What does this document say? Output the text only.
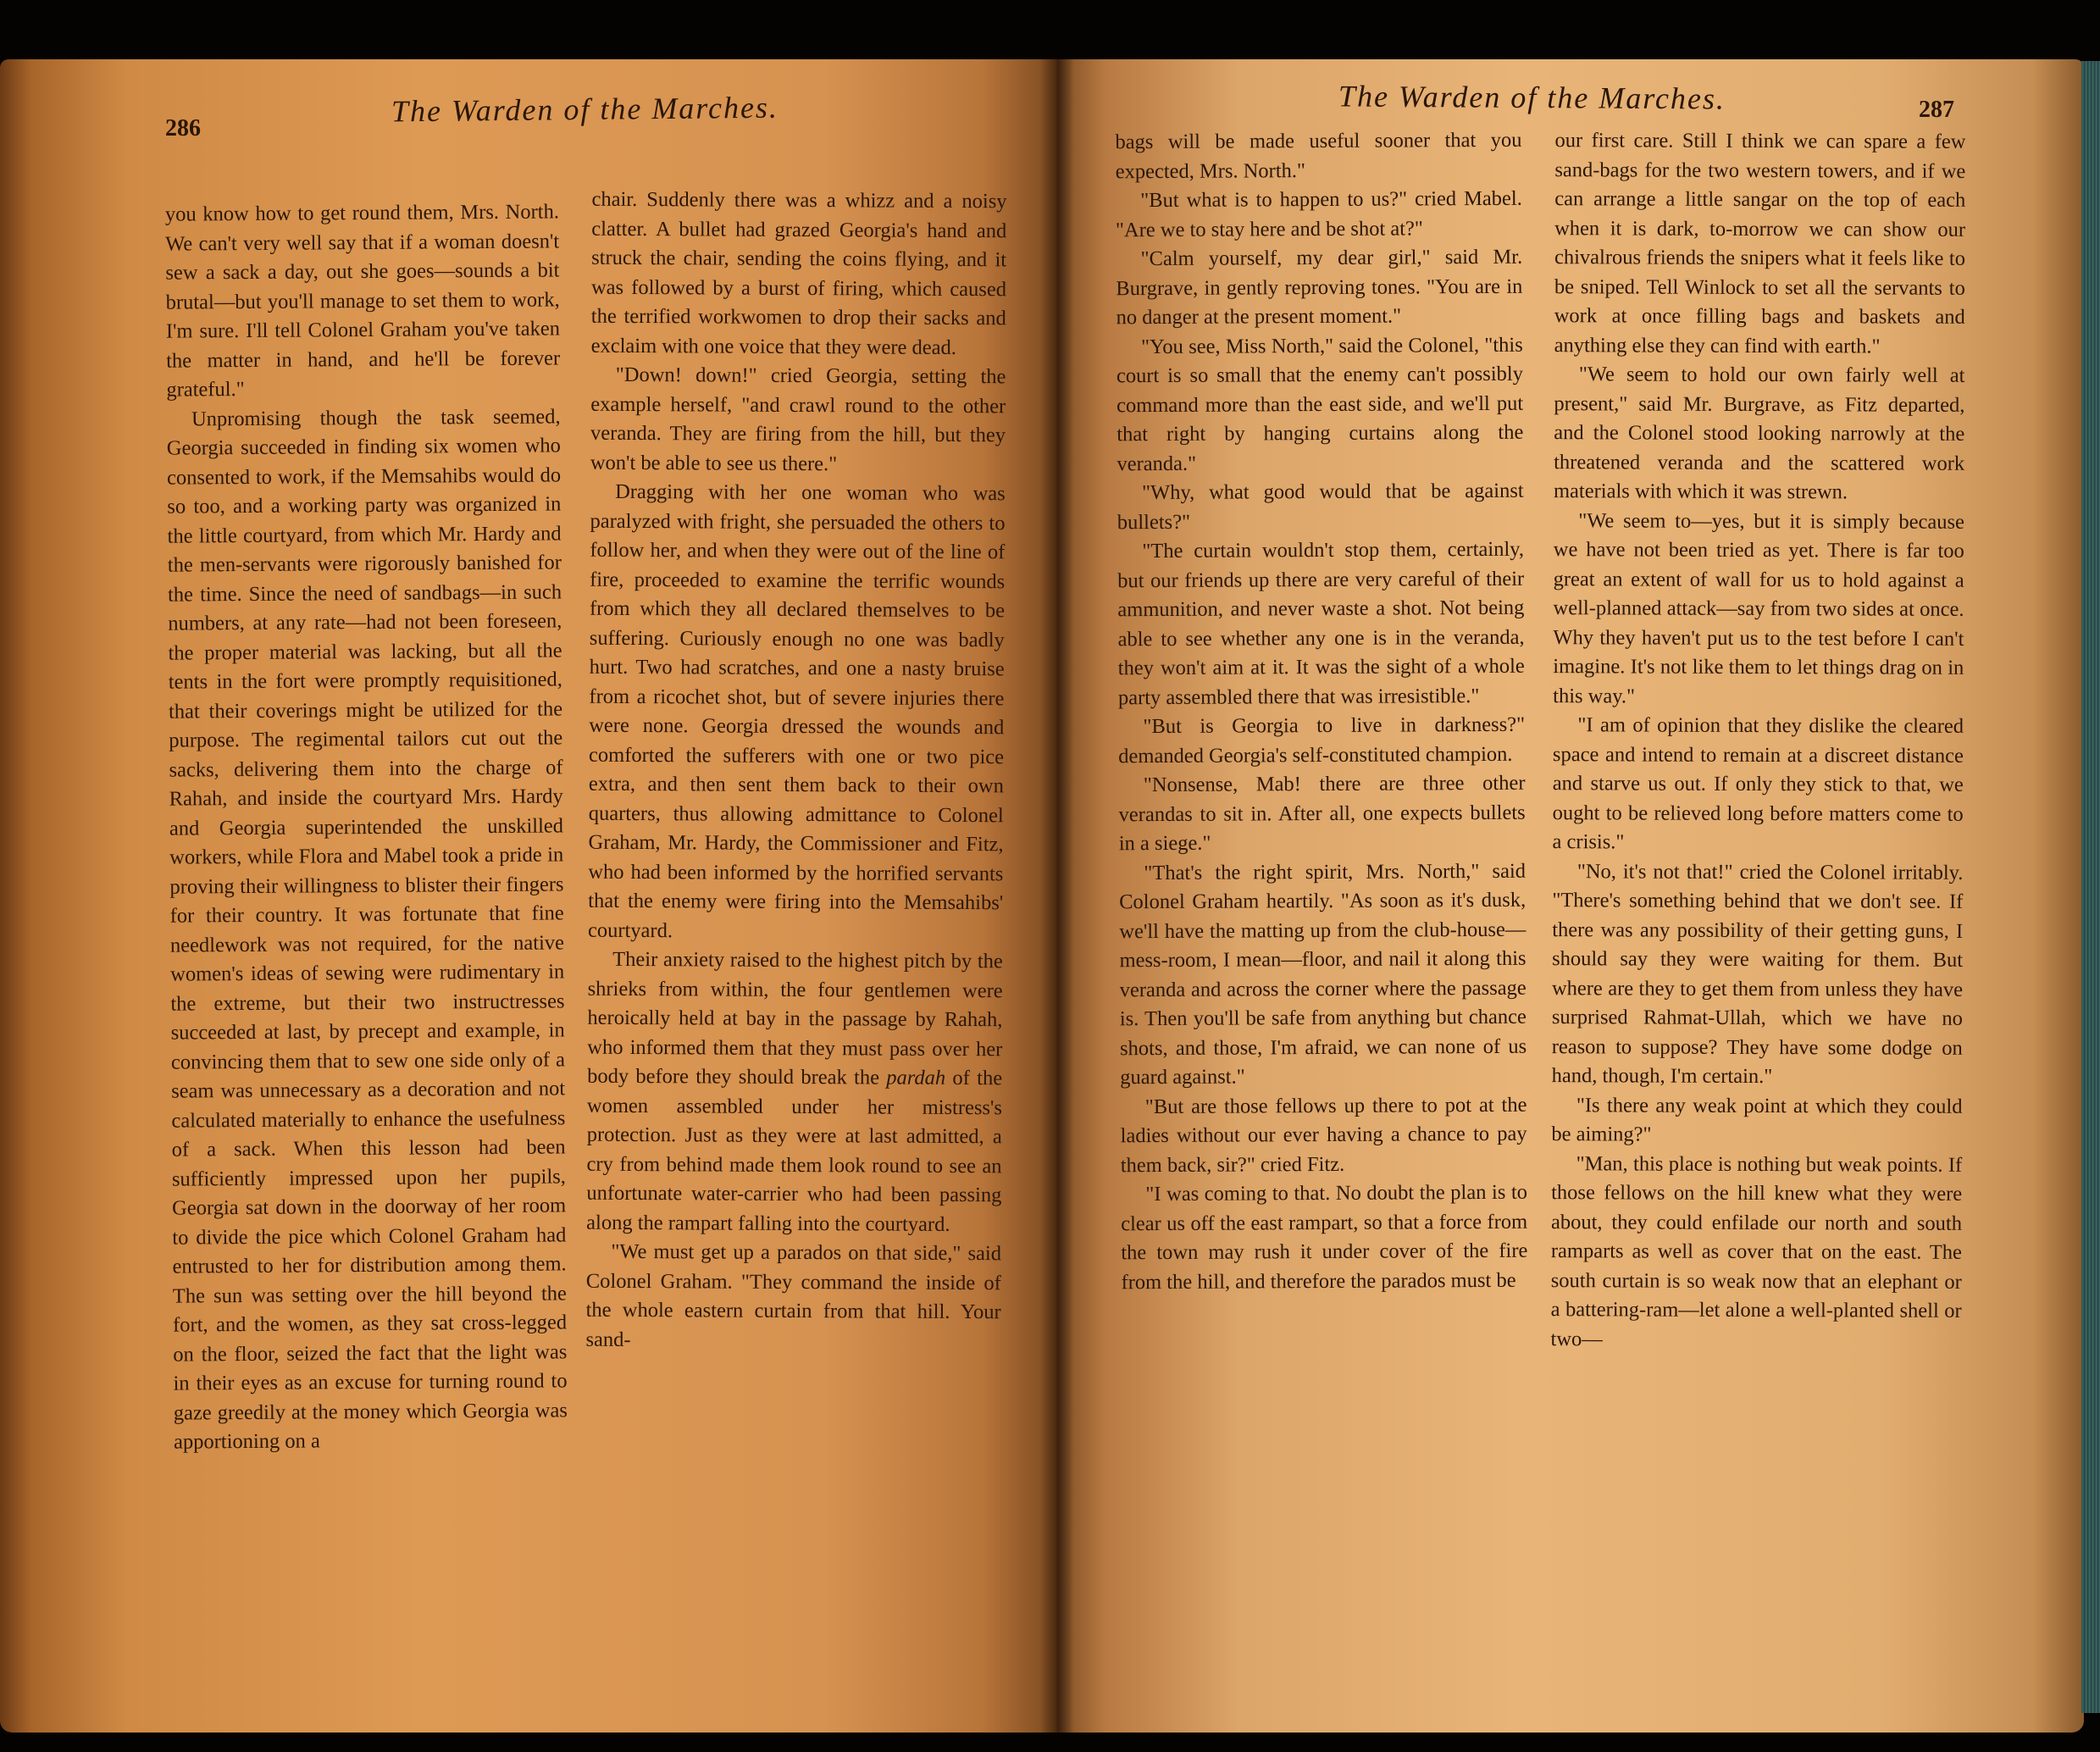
286
The Warden of the Marches.

you know how to get round them, Mrs. North. We can't very well say that if a woman doesn't sew a sack a day, out she goes—sounds a bit brutal—but you'll manage to set them to work, I'm sure. I'll tell Colonel Graham you've taken the matter in hand, and he'll be forever grateful."

Unpromising though the task seemed, Georgia succeeded in finding six women who consented to work, if the Memsahibs would do so too, and a working party was organized in the little courtyard, from which Mr. Hardy and the men-servants were rigorously banished for the time. Since the need of sandbags—in such numbers, at any rate—had not been foreseen, the proper material was lacking, but all the tents in the fort were promptly requisitioned, that their coverings might be utilized for the purpose. The regimental tailors cut out the sacks, delivering them into the charge of Rahah, and inside the courtyard Mrs. Hardy and Georgia superintended the unskilled workers, while Flora and Mabel took a pride in proving their willingness to blister their fingers for their country. It was fortunate that fine needlework was not required, for the native women's ideas of sewing were rudimentary in the extreme, but their two instructresses succeeded at last, by precept and example, in convincing them that to sew one side only of a seam was unnecessary as a decoration and not calculated materially to enhance the usefulness of a sack. When this lesson had been sufficiently impressed upon her pupils, Georgia sat down in the doorway of her room to divide the pice which Colonel Graham had entrusted to her for distribution among them. The sun was setting over the hill beyond the fort, and the women, as they sat cross-legged on the floor, seized the fact that the light was in their eyes as an excuse for turning round to gaze greedily at the money which Georgia was apportioning on a

chair. Suddenly there was a whizz and a noisy clatter. A bullet had grazed Georgia's hand and struck the chair, sending the coins flying, and it was followed by a burst of firing, which caused the terrified workwomen to drop their sacks and exclaim with one voice that they were dead.

"Down! down!" cried Georgia, setting the example herself, "and crawl round to the other veranda. They are firing from the hill, but they won't be able to see us there."

Dragging with her one woman who was paralyzed with fright, she persuaded the others to follow her, and when they were out of the line of fire, proceeded to examine the terrific wounds from which they all declared themselves to be suffering. Curiously enough no one was badly hurt. Two had scratches, and one a nasty bruise from a ricochet shot, but of severe injuries there were none. Georgia dressed the wounds and comforted the sufferers with one or two pice extra, and then sent them back to their own quarters, thus allowing admittance to Colonel Graham, Mr. Hardy, the Commissioner and Fitz, who had been informed by the horrified servants that the enemy were firing into the Memsahibs' courtyard.

Their anxiety raised to the highest pitch by the shrieks from within, the four gentlemen were heroically held at bay in the passage by Rahah, who informed them that they must pass over her body before they should break the pardah of the women assembled under her mistress's protection. Just as they were at last admitted, a cry from behind made them look round to see an unfortunate water-carrier who had been passing along the rampart falling into the courtyard.

"We must get up a parados on that side," said Colonel Graham. "They command the inside of the whole eastern curtain from that hill. Your sand-

The Warden of the Marches.	287

bags will be made useful sooner that you expected, Mrs. North."

"But what is to happen to us?" cried Mabel. "Are we to stay here and be shot at?"

"Calm yourself, my dear girl," said Mr. Burgrave, in gently reproving tones. "You are in no danger at the present moment."

"You see, Miss North," said the Colonel, "this court is so small that the enemy can't possibly command more than the east side, and we'll put that right by hanging curtains along the veranda."

"Why, what good would that be against bullets?"

"The curtain wouldn't stop them, certainly, but our friends up there are very careful of their ammunition, and never waste a shot. Not being able to see whether any one is in the veranda, they won't aim at it. It was the sight of a whole party assembled there that was irresistible."

"But is Georgia to live in darkness?" demanded Georgia's self-constituted champion.

"Nonsense, Mab! there are three other verandas to sit in. After all, one expects bullets in a siege."

"That's the right spirit, Mrs. North," said Colonel Graham heartily. "As soon as it's dusk, we'll have the matting up from the club-house—mess-room, I mean—floor, and nail it along this veranda and across the corner where the passage is. Then you'll be safe from anything but chance shots, and those, I'm afraid, we can none of us guard against."

"But are those fellows up there to pot at the ladies without our ever having a chance to pay them back, sir?" cried Fitz.

"I was coming to that. No doubt the plan is to clear us off the east rampart, so that a force from the town may rush it under cover of the fire from the hill, and therefore the parados must be

our first care. Still I think we can spare a few sand-bags for the two western towers, and if we can arrange a little sangar on the top of each when it is dark, to-morrow we can show our chivalrous friends the snipers what it feels like to be sniped. Tell Winlock to set all the servants to work at once filling bags and baskets and anything else they can find with earth."

"We seem to hold our own fairly well at present," said Mr. Burgrave, as Fitz departed, and the Colonel stood looking narrowly at the threatened veranda and the scattered work materials with which it was strewn.

"We seem to—yes, but it is simply because we have not been tried as yet. There is far too great an extent of wall for us to hold against a well-planned attack—say from two sides at once. Why they haven't put us to the test before I can't imagine. It's not like them to let things drag on in this way."

"I am of opinion that they dislike the cleared space and intend to remain at a discreet distance and starve us out. If only they stick to that, we ought to be relieved long before matters come to a crisis."

"No, it's not that!" cried the Colonel irritably. "There's something behind that we don't see. If there was any possibility of their getting guns, I should say they were waiting for them. But where are they to get them from unless they have surprised Rahmat-Ullah, which we have no reason to suppose? They have some dodge on hand, though, I'm certain."

"Is there any weak point at which they could be aiming?"

"Man, this place is nothing but weak points. If those fellows on the hill knew what they were about, they could enfilade our north and south ramparts as well as cover that on the east. The south curtain is so weak now that an elephant or a battering-ram—let alone a well-planted shell or two—
